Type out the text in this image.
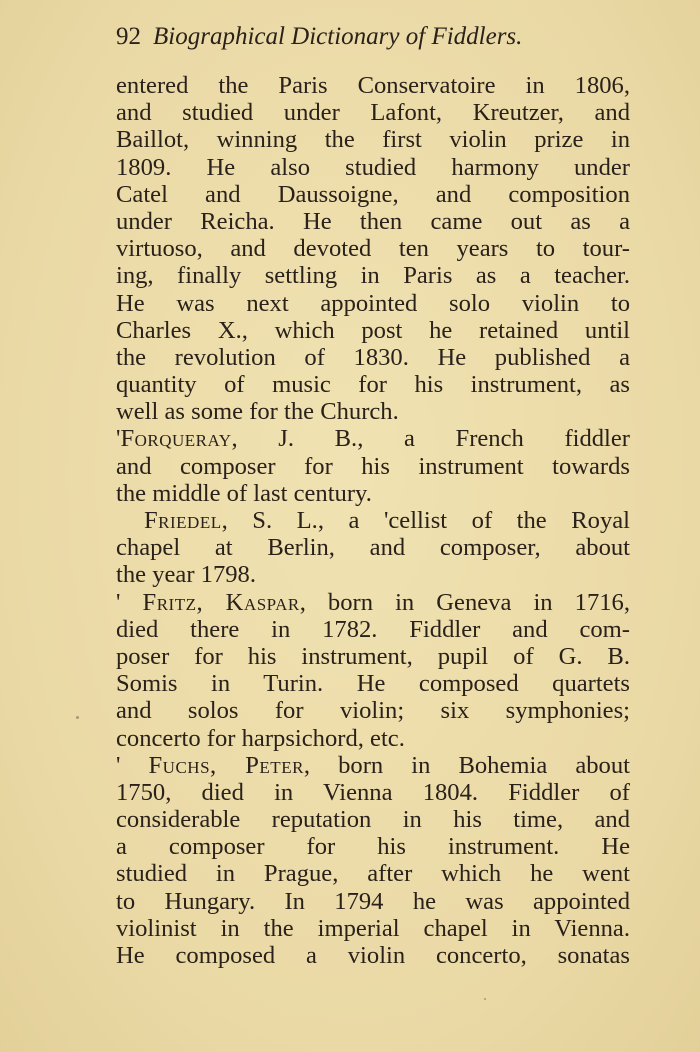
92 Biographical Dictionary of Fiddlers.
entered the Paris Conservatoire in 1806,
and studied under Lafont, Kreutzer, and
Baillot, winning the first violin prize in
1809. He also studied harmony under
Catel and Daussoigne, and composition
under Reicha. He then came out as a
virtuoso, and devoted ten years to tour-
ing, finally settling in Paris as a teacher.
He was next appointed solo violin to
Charles X., which post he retained until
the revolution of 1830. He published a
quantity of music for his instrument, as
well as some for the Church.
'Forqueray, J. B., a French fiddler
and composer for his instrument towards
the middle of last century.
Friedel, S. L., a 'cellist of the Royal
chapel at Berlin, and composer, about
the year 1798.
' Fritz, Kaspar, born in Geneva in 1716,
died there in 1782. Fiddler and com-
poser for his instrument, pupil of G. B.
Somis in Turin. He composed quartets
and solos for violin; six symphonies;
concerto for harpsichord, etc.
' Fuchs, Peter, born in Bohemia about
1750, died in Vienna 1804. Fiddler of
considerable reputation in his time, and
a composer for his instrument. He
studied in Prague, after which he went
to Hungary. In 1794 he was appointed
violinist in the imperial chapel in Vienna.
He composed a violin concerto, sonatas
